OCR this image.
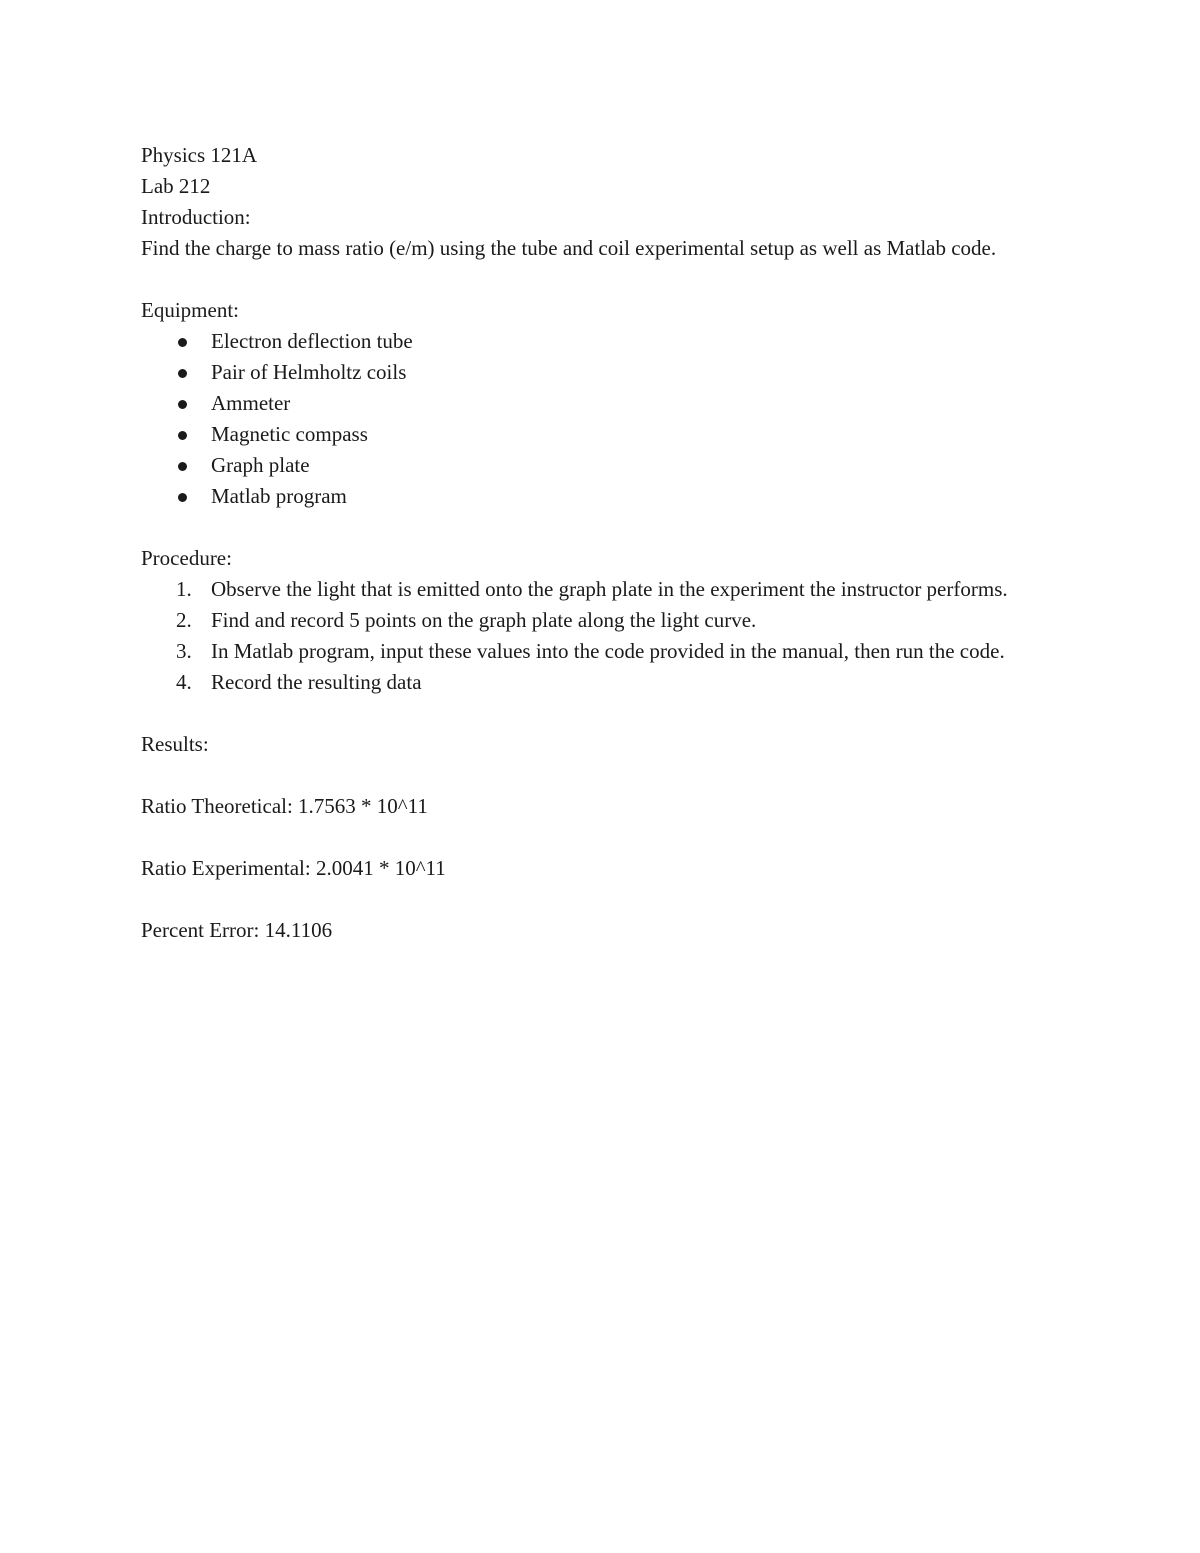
Physics 121A

Lab 212

Introduction:

Find the charge to mass ratio (e/m) using the tube and coil experimental setup as well as Matlab code.

Equipment:

Electron deflection tube
Pair of Helmholtz coils
Ammeter
Magnetic compass
Graph plate
Matlab program

Procedure:

1. Observe the light that is emitted onto the graph plate in the experiment the instructor performs.
2. Find and record 5 points on the graph plate along the light curve.
3. In Matlab program, input these values into the code provided in the manual, then run the code.
4. Record the resulting data

Results:

Ratio Theoretical: 1.7563 * 10^11

Ratio Experimental: 2.0041 * 10^11

Percent Error: 14.1106
